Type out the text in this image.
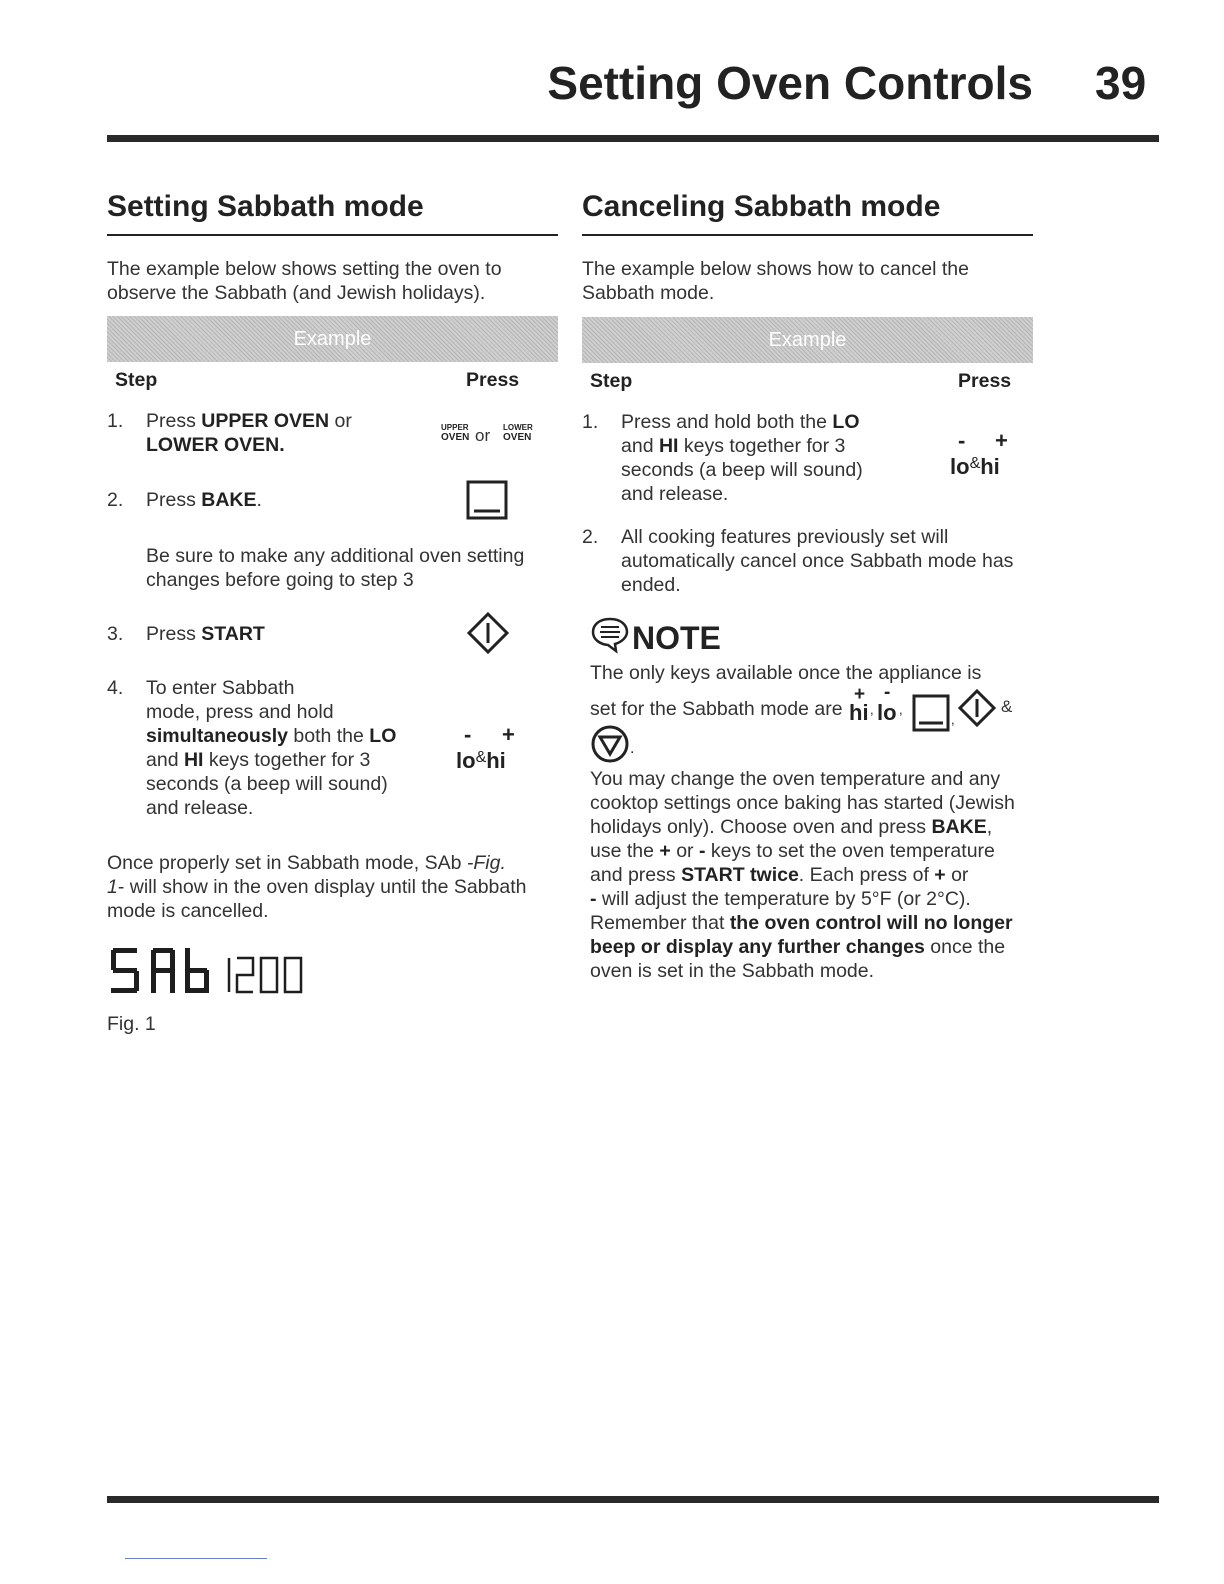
Setting Oven Controls 39
Setting Sabbath mode
The example below shows setting the oven to
observe the Sabbath (and Jewish holidays).
Example
Step	Press
1. Press UPPER OVEN or
LOWER OVEN.
UPPER
OVEN or LOWER
OVEN
2. Press BAKE.
Be sure to make any additional oven setting
changes before going to step 3
3. Press START
4. To enter Sabbath
mode, press and hold
simultaneously both the LO
and HI keys together for 3
seconds (a beep will sound)
and release.
- +
lo&hi
Once properly set in Sabbath mode, SAb -Fig.
1- will show in the oven display until the Sabbath
mode is cancelled.
Fig. 1
Canceling Sabbath mode
The example below shows how to cancel the
Sabbath mode.
Example
Step	Press
1. Press and hold both the LO
and HI keys together for 3
seconds (a beep will sound)
and release.
- +
lo&hi
2. All cooking features previously set will
automatically cancel once Sabbath mode has
ended.
NOTE
The only keys available once the appliance is
set for the Sabbath mode are
+ -
hi , lo ,
,
&
.
You may change the oven temperature and any
cooktop settings once baking has started (Jewish
holidays only). Choose oven and press BAKE,
use the + or - keys to set the oven temperature
and press START twice. Each press of + or
- will adjust the temperature by 5°F (or 2°C).
Remember that the oven control will no longer
beep or display any further changes once the
oven is set in the Sabbath mode.
